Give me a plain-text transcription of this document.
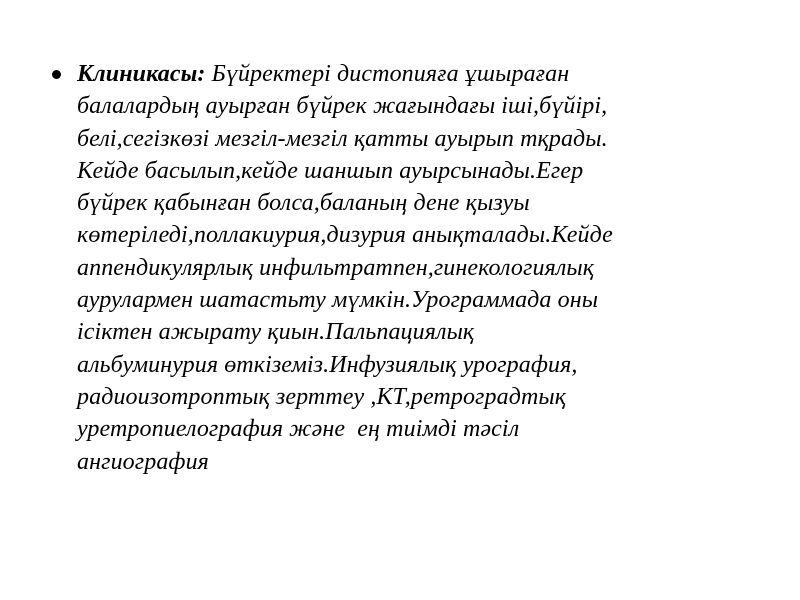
Клиникасы: Бүйректері дистопияға ұшыраған
балалардың ауырған бүйрек жағындағы іші,бүйірі,
белі,сегізкөзі мезгіл-мезгіл қатты ауырып тқрады.
Кейде басылып,кейде шаншып ауырсынады.Егер
бүйрек қабынған болса,баланың дене қызуы
көтеріледі,поллакиурия,дизурия анықталады.Кейде
аппендикулярлық инфильтратпен,гинекологиялық
аурулармен шатастьту мүмкін.Урограммада оны
ісіктен ажырату қиын.Пальпациялық
альбуминурия өткіземіз.Инфузиялық урография,
радиоизотроптық зерттеу ,КТ,ретроградтық
уретропиелография және  ең тиімді тәсіл
ангиография
